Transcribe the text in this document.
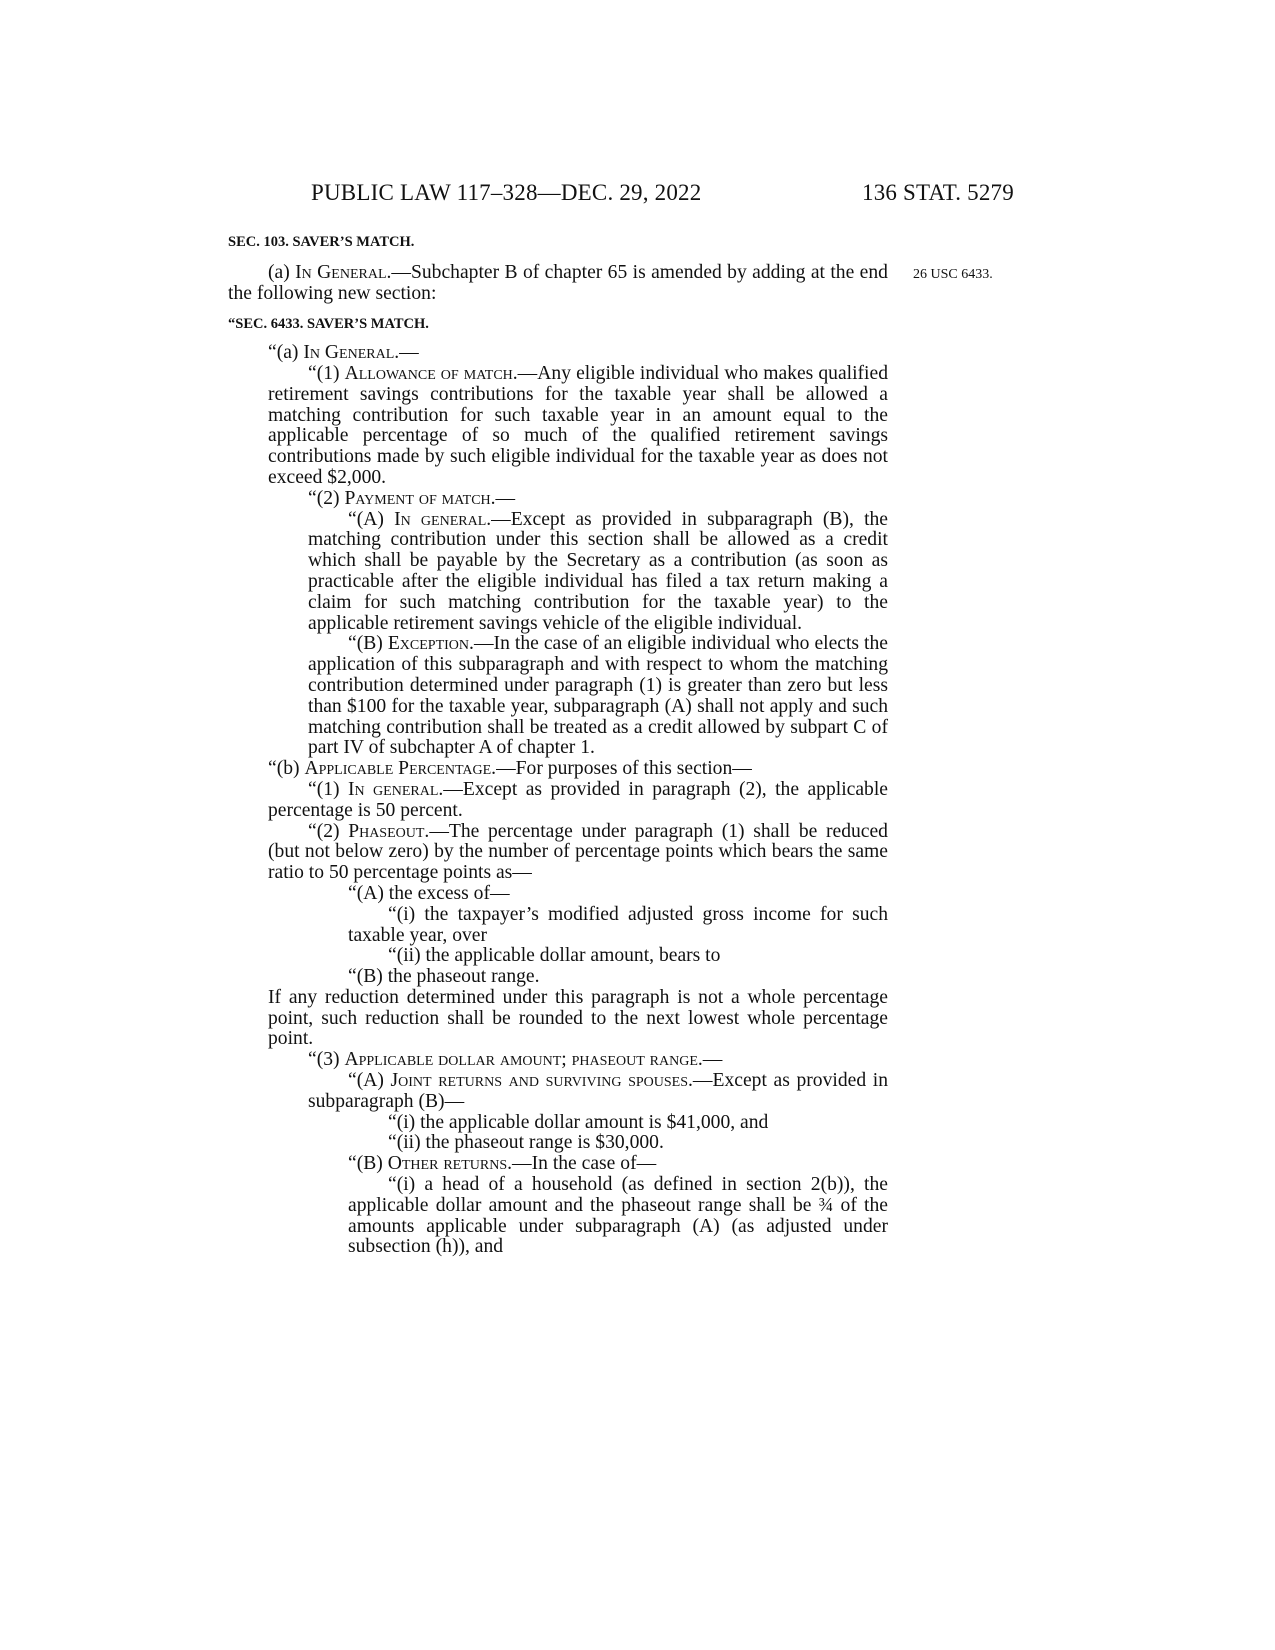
PUBLIC LAW 117–328—DEC. 29, 2022	136 STAT. 5279
26 USC 6433.

SEC. 103. SAVER’S MATCH.

(a) In General.—Subchapter B of chapter 65 is amended by adding at the end the following new section:

“SEC. 6433. SAVER’S MATCH.

“(a) In General.—

“(1) Allowance of match.—Any eligible individual who makes qualified retirement savings contributions for the taxable year shall be allowed a matching contribution for such taxable year in an amount equal to the applicable percentage of so much of the qualified retirement savings contributions made by such eligible individual for the taxable year as does not exceed $2,000.

“(2) Payment of match.—

“(A) In general.—Except as provided in subparagraph (B), the matching contribution under this section shall be allowed as a credit which shall be payable by the Secretary as a contribution (as soon as practicable after the eligible individual has filed a tax return making a claim for such matching contribution for the taxable year) to the applicable retirement savings vehicle of the eligible individual.

“(B) Exception.—In the case of an eligible individual who elects the application of this subparagraph and with respect to whom the matching contribution determined under paragraph (1) is greater than zero but less than $100 for the taxable year, subparagraph (A) shall not apply and such matching contribution shall be treated as a credit allowed by subpart C of part IV of subchapter A of chapter 1.

“(b) Applicable Percentage.—For purposes of this section—

“(1) In general.—Except as provided in paragraph (2), the applicable percentage is 50 percent.

“(2) Phaseout.—The percentage under paragraph (1) shall be reduced (but not below zero) by the number of percentage points which bears the same ratio to 50 percentage points as—

“(A) the excess of—

“(i) the taxpayer’s modified adjusted gross income for such taxable year, over

“(ii) the applicable dollar amount, bears to

“(B) the phaseout range.

If any reduction determined under this paragraph is not a whole percentage point, such reduction shall be rounded to the next lowest whole percentage point.

“(3) Applicable dollar amount; phaseout range.—

“(A) Joint returns and surviving spouses.—Except as provided in subparagraph (B)—

“(i) the applicable dollar amount is $41,000, and

“(ii) the phaseout range is $30,000.

“(B) Other returns.—In the case of—

“(i) a head of a household (as defined in section 2(b)), the applicable dollar amount and the phaseout range shall be ¾ of the amounts applicable under subparagraph (A) (as adjusted under subsection (h)), and
